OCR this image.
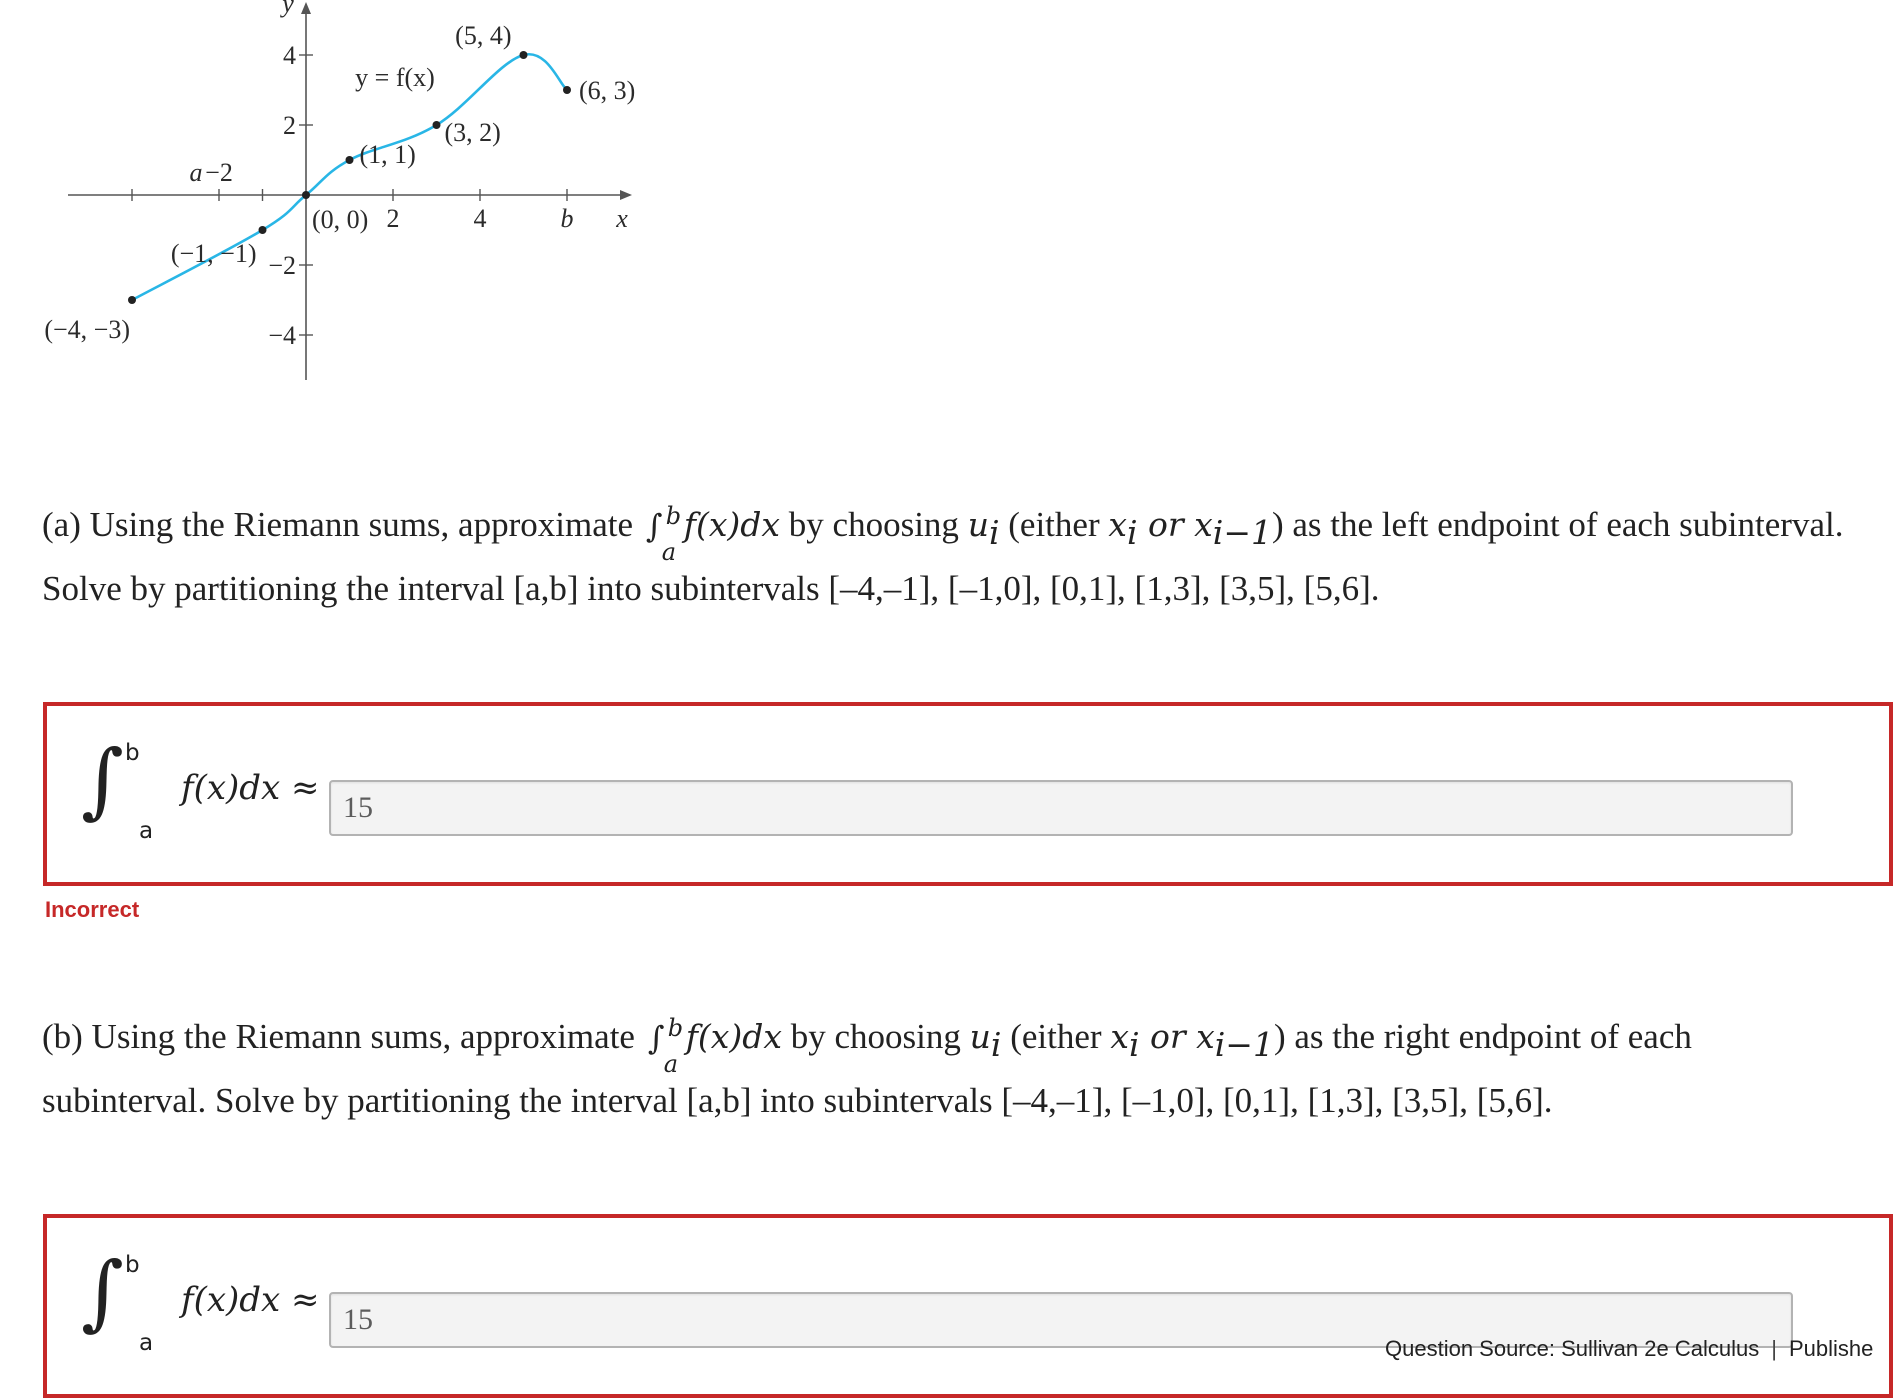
−2
2	4
4
2
−2
−4
x
y
a
b
y = f(x)
(−4, −3)
(−1, −1)
(0, 0)
(1, 1)
(3, 2)
(5, 4)
(6, 3)
(a) Using the Riemann sums, approximate ∫ b
a
f(x)dx by choosing $u_i$ (either $x_i$ or $x_{i-1}$) as the left endpoint of each subinterval.
Solve by partitioning the interval [a,b] into subintervals [–4,–1], [–1,0], [0,1], [1,3], [3,5], [5,6].
∫ b
a
f(x)dx ≈
15
Incorrect
(b) Using the Riemann sums, approximate ∫ b
a
f(x)dx by choosing $u_i$ (either $x_i$ or $x_{i-1}$) as the right endpoint of each
subinterval. Solve by partitioning the interval [a,b] into subintervals [–4,–1], [–1,0], [0,1], [1,3], [3,5], [5,6].
∫ b
a
f(x)dx ≈
15
Question Source: Sullivan 2e Calculus | Publishe
